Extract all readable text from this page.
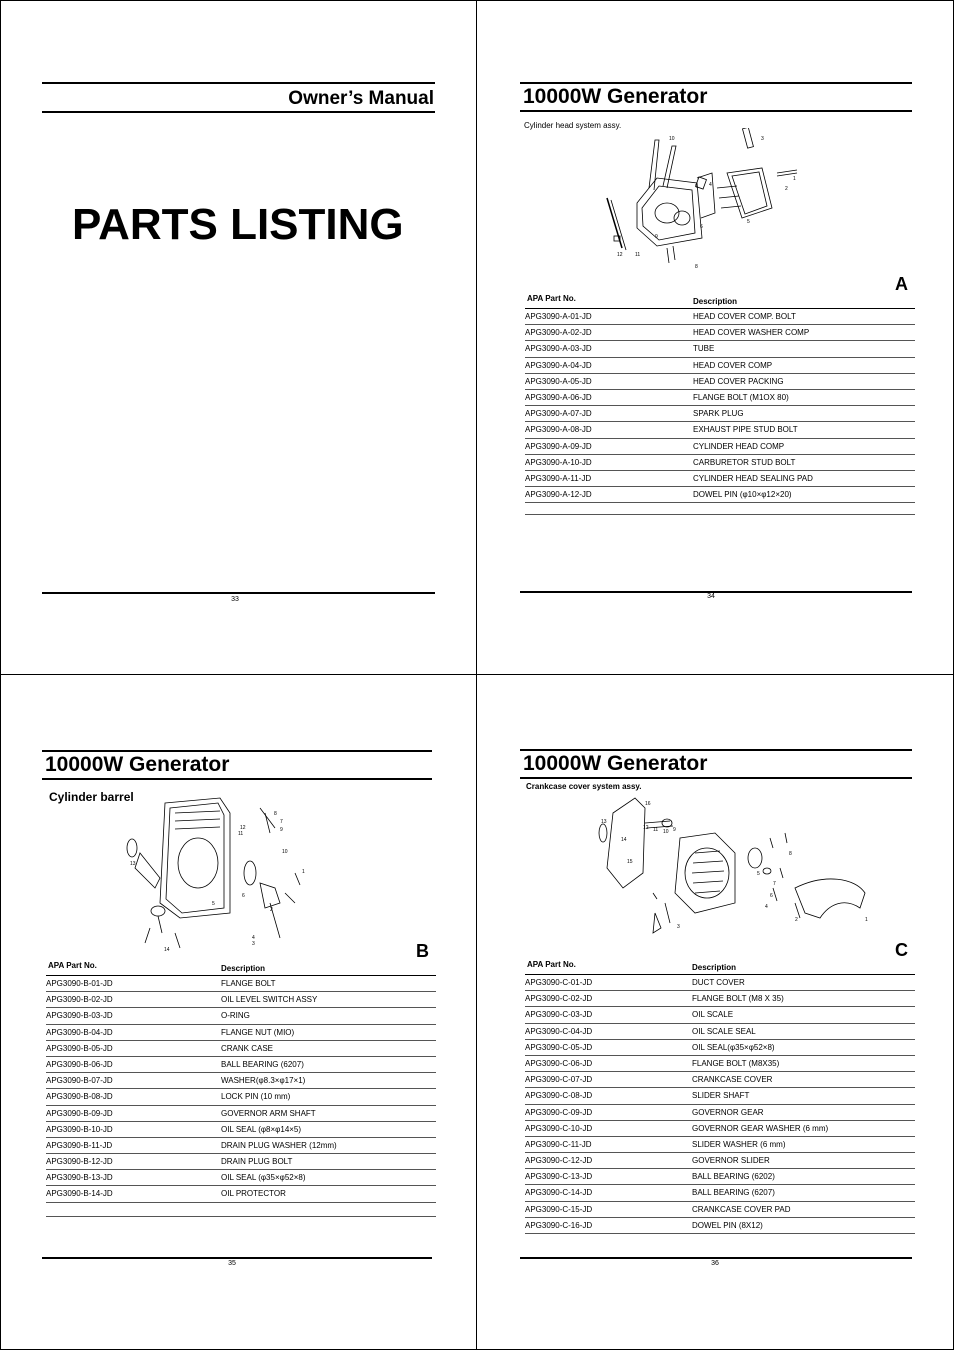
Owner’s Manual
PARTS LISTING
33
10000W Generator
Cylinder head system assy.
1
2
3
4
5
6
7
8
9
10
11
12
A
APA Part No.	Description
APG3090-A-01-JD	HEAD COVER COMP. BOLT
APG3090-A-02-JD	HEAD COVER WASHER COMP
APG3090-A-03-JD	TUBE
APG3090-A-04-JD	HEAD COVER COMP
APG3090-A-05-JD	HEAD COVER PACKING
APG3090-A-06-JD	FLANGE BOLT (M1OX 80)
APG3090-A-07-JD	SPARK PLUG
APG3090-A-08-JD	EXHAUST PIPE STUD BOLT
APG3090-A-09-JD	CYLINDER HEAD COMP
APG3090-A-10-JD	CARBURETOR STUD BOLT
APG3090-A-11-JD	CYLINDER HEAD SEALING PAD
APG3090-A-12-JD	DOWEL PIN (φ10×φ12×20)
34
10000W Generator
Cylinder barrel
1
2
3
4
5
6
7
8
9
10
11
12
13
14	B
APA Part No.	Description
APG3090-B-01-JD	FLANGE BOLT
APG3090-B-02-JD	OIL LEVEL SWITCH ASSY
APG3090-B-03-JD	O-RING
APG3090-B-04-JD	FLANGE NUT (MIO)
APG3090-B-05-JD	CRANK CASE
APG3090-B-06-JD	BALL BEARING (6207)
APG3090-B-07-JD	WASHER(φ8.3×φ17×1)
APG3090-B-08-JD	LOCK PIN (10 mm)
APG3090-B-09-JD	GOVERNOR ARM SHAFT
APG3090-B-10-JD	OIL SEAL (φ8×φ14×5)
APG3090-B-11-JD	DRAIN PLUG WASHER (12mm)
APG3090-B-12-JD	DRAIN PLUG BOLT
APG3090-B-13-JD	OIL SEAL (φ35×φ52×8)
APG3090-B-14-JD	OIL PROTECTOR
35
10000W Generator
Crankcase cover system assy.
1
2
3
4
5
6
7
8
9
10
11
12
13
14
15
16
C
APA Part No.	Description
APG3090-C-01-JD	DUCT COVER
APG3090-C-02-JD	FLANGE BOLT (M8 X 35)
APG3090-C-03-JD	OIL SCALE
APG3090-C-04-JD	OIL SCALE SEAL
APG3090-C-05-JD	OIL SEAL(φ35×φ52×8)
APG3090-C-06-JD	FLANGE BOLT (M8X35)
APG3090-C-07-JD	CRANKCASE COVER
APG3090-C-08-JD	SLIDER SHAFT
APG3090-C-09-JD	GOVERNOR GEAR
APG3090-C-10-JD	GOVERNOR GEAR WASHER (6 mm)
APG3090-C-11-JD	SLIDER WASHER (6 mm)
APG3090-C-12-JD	GOVERNOR SLIDER
APG3090-C-13-JD	BALL BEARING (6202)
APG3090-C-14-JD	BALL BEARING (6207)
APG3090-C-15-JD	CRANKCASE COVER PAD
APG3090-C-16-JD	DOWEL PIN (8X12)
36
